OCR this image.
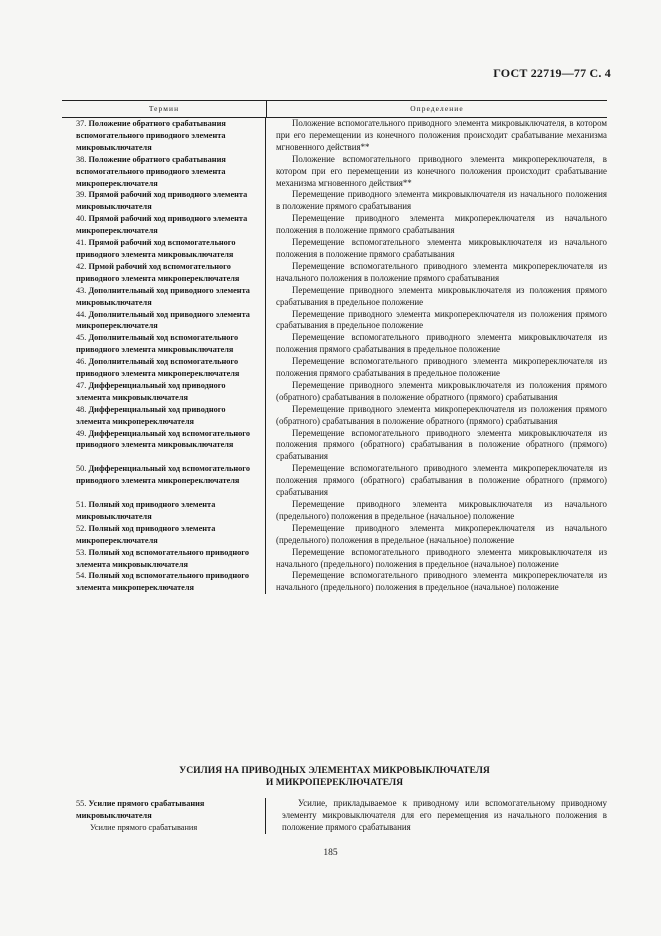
ГОСТ 22719—77 С. 4
Термин	Определение
37. Положение обратного срабатывания вспомогательного приводного элемента микровыключателя
Положение вспомогательного приводного элемента микровыключателя, в котором при его перемещении из конечного положения происходит срабатывание механизма мгновенного действия**
38. Положение обратного срабатывания вспомогательного приводного элемента микропереключателя
Положение вспомогательного приводного элемента микропереключателя, в котором при его перемещении из конечного положения происходит срабатывание механизма мгновенного действия**
39. Прямой рабочий ход приводного элемента микровыключателя
Перемещение приводного элемента микровыключателя из начального положения в положение прямого срабатывания
40. Прямой рабочий ход приводного элемента микропереключателя
Перемещение приводного элемента микропереключателя из начального положения в положение прямого срабатывания
41. Прямой рабочий ход вспомогательного приводного элемента микровыключателя
Перемещение вспомогательного элемента микровыключателя из начального положения в положение прямого срабатывания
42. Прмой рабочий ход вспомогательного приводного элемента микропереключателя
Перемещение вспомогательного приводного элемента микропереключателя из начального положения в положение прямого срабатывания
43. Дополнительный ход приводного элемента микровыключателя
Перемещение приводного элемента микровыключателя из положения прямого срабатывания в предельное положение
44. Дополнительный ход приводного элемента микропереключателя
Перемещение приводного элемента микропереключателя из положения прямого срабатывания в предельное положение
45. Дополнительный ход вспомогательного приводного элемента микровыключателя
Перемещение вспомогательного приводного элемента микровыключателя из положения прямого срабатывания в предельное положение
46. Дополнительный ход вспомогательного приводного элемента микропереключателя
Перемещение вспомогательного приводного элемента микропереключателя из положения прямого срабатывания в предельное положение
47. Дифференциальный ход приводного элемента микровыключателя
Перемещение приводного элемента микровыключателя из положения прямого (обратного) срабатывания в положение обратного (прямого) срабатывания
48. Дифференциальный ход приводного элемента микропереключателя
Перемещение приводного элемента микропереключателя из положения прямого (обратного) срабатывания в положение обратного (прямого) срабатывания
49. Дифференциальный ход вспомогательного приводного элемента микровыключателя
Перемещение вспомогательного приводного элемента микровыключателя из положения прямого (обратного) срабатывания в положение обратного (прямого) срабатывания
50. Дифференциальный ход вспомогательного приводного элемента микропереключателя
Перемещение вспомогательного приводного элемента микропереключателя из положения прямого (обратного) срабатывания в положение обратного (прямого) срабатывания
51. Полный ход приводного элемента микровыключателя
Перемещение приводного элемента микровыключателя из начального (предельного) положения в предельное (начальное) положение
52. Полный ход приводного элемента микропереключателя
Перемещение приводного элемента микропереключателя из начального (предельного) положения в предельное (начальное) положение
53. Полный ход вспомогательного приводного элемента микровыключателя
Перемещение вспомогательного приводного элемента микровыключателя из начального (предельного) положения в предельное (начальное) положение
54. Полный ход вспомогательного приводного элемента микропереключателя
Перемещение вспомогательного приводного элемента микропереключателя из начального (предельного) положения в предельное (начальное) положение
УСИЛИЯ НА ПРИВОДНЫХ ЭЛЕМЕНТАХ МИКРОВЫКЛЮЧАТЕЛЯ
И МИКРОПЕРЕКЛЮЧАТЕЛЯ
55. Усилие прямого срабатывания микровыключателя
Усилие прямого срабатывания
Усилие, прикладываемое к приводному или вспомогательному приводному элементу микровыключателя для его перемещения из начального положения в положение прямого срабатывания
185
